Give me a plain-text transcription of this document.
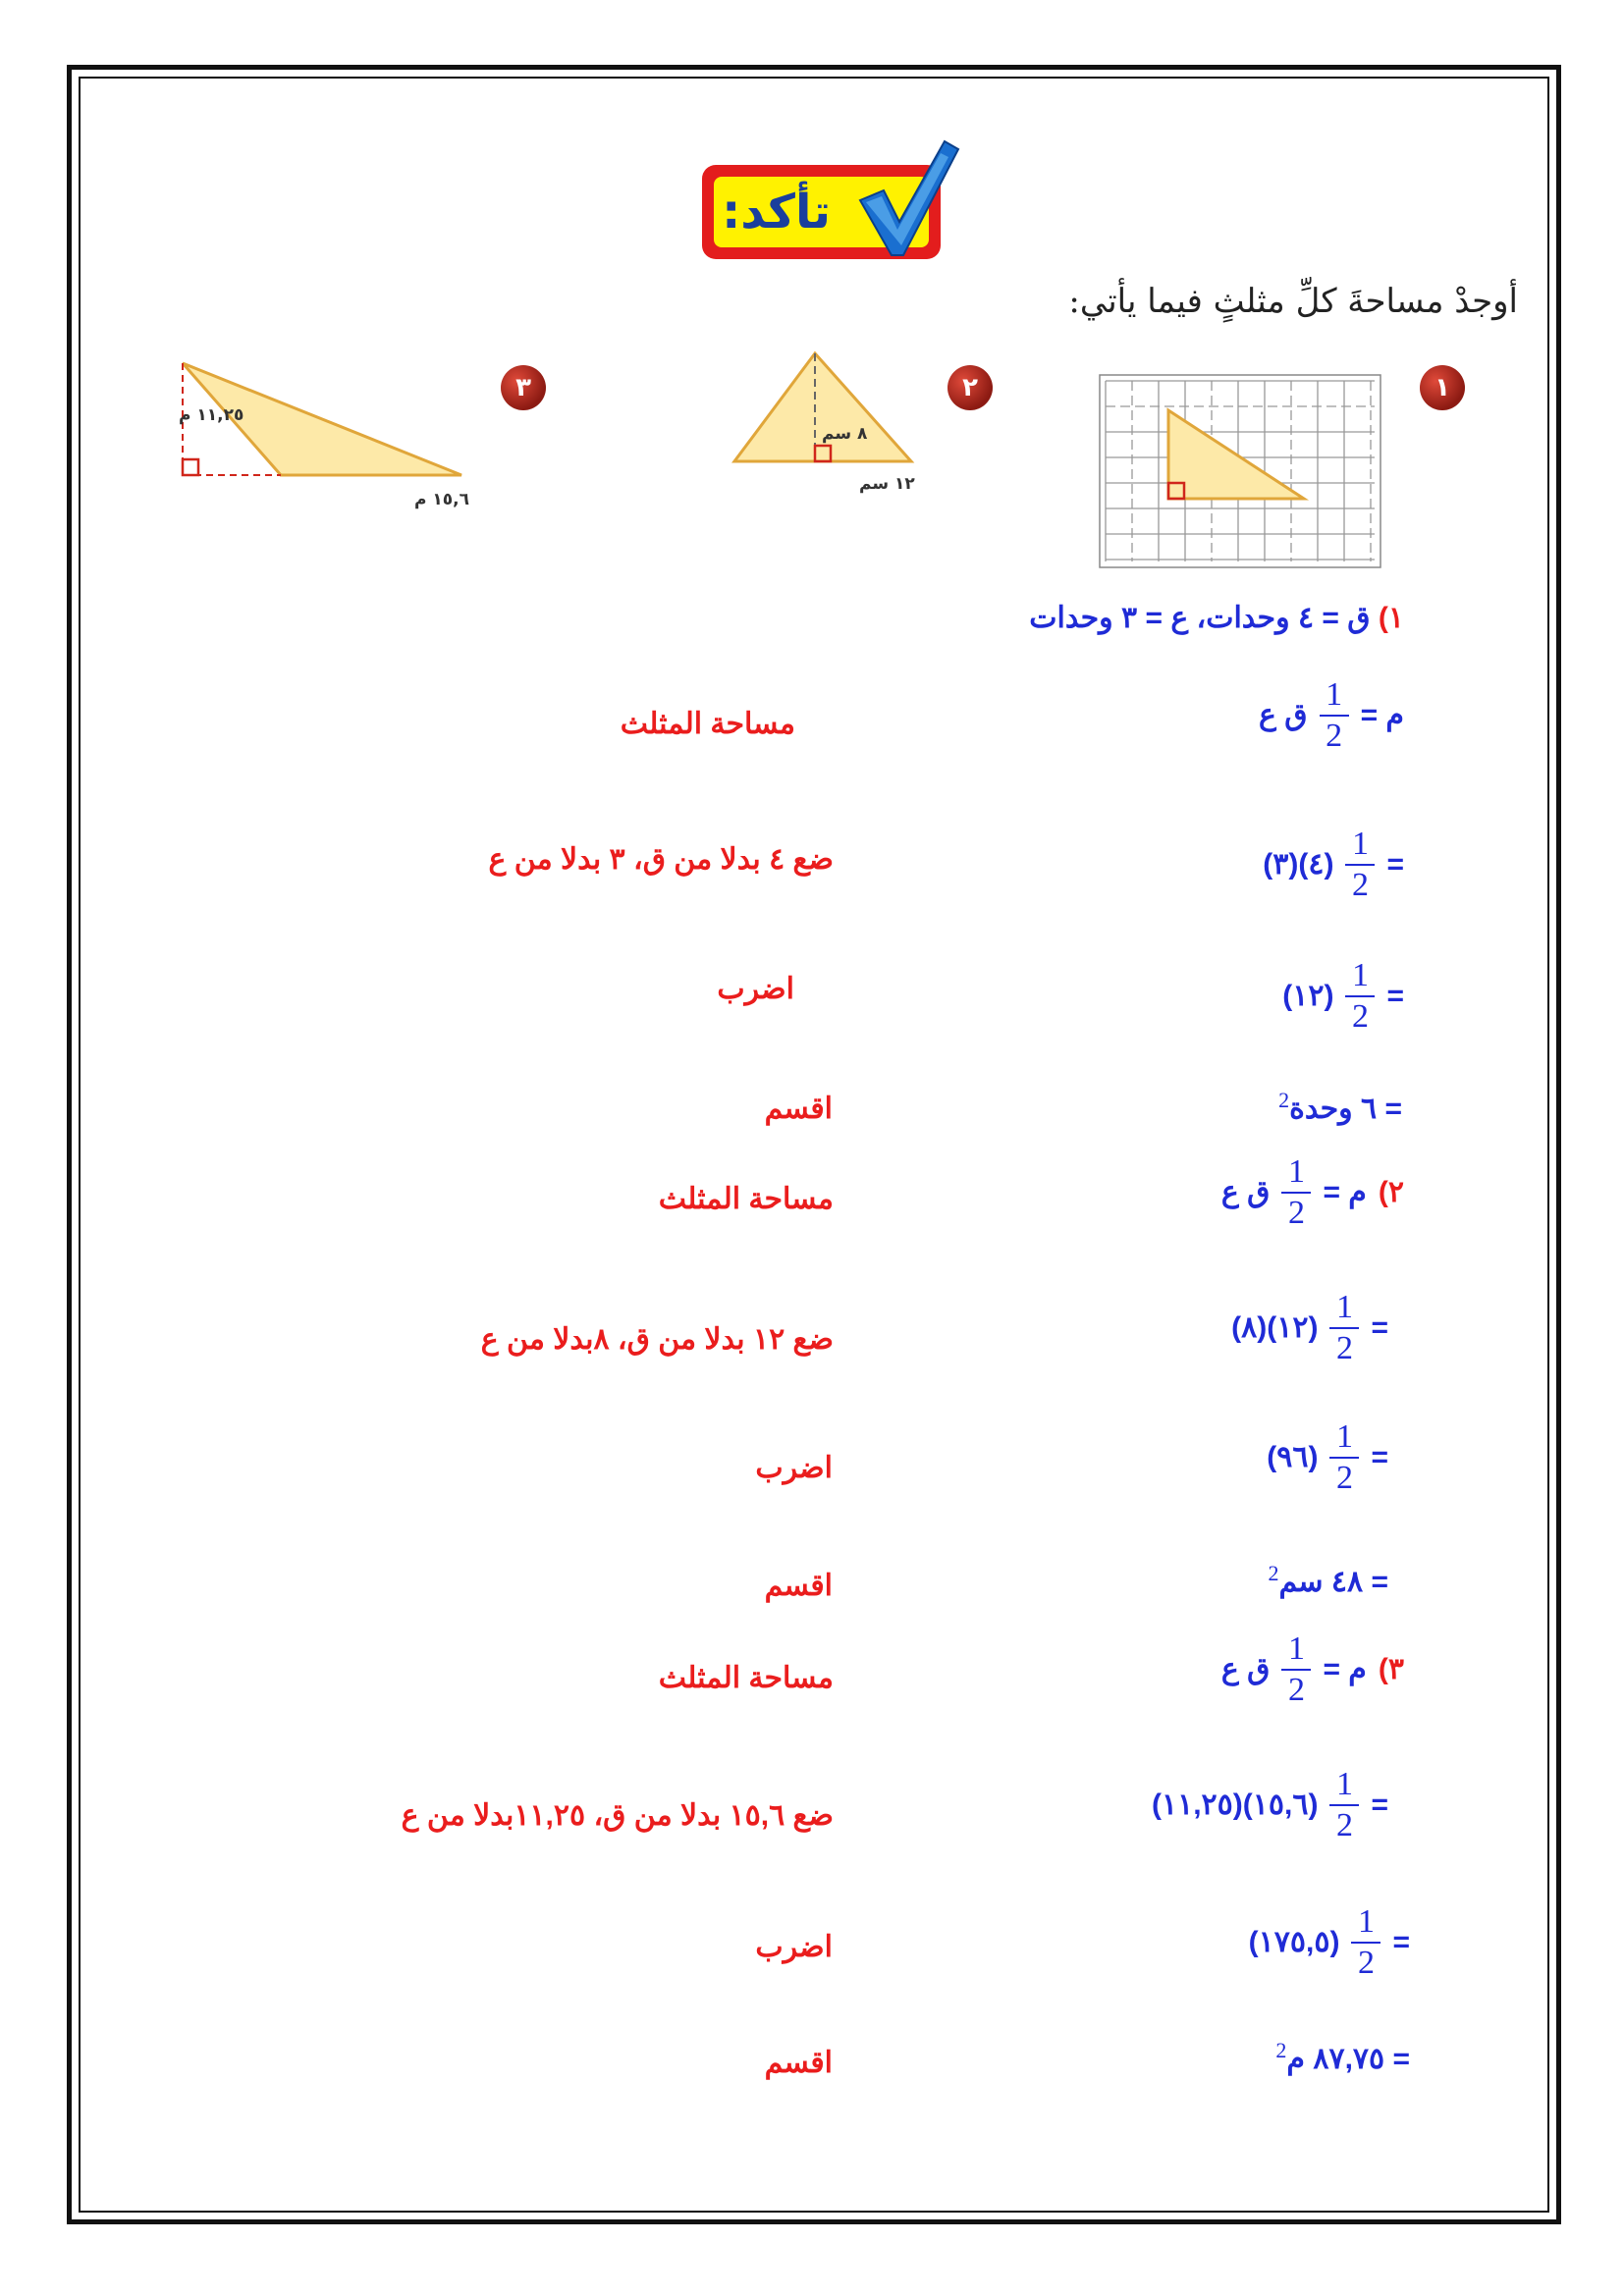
تأكد:
أوجدْ مساحةَ كلِّ مثلثٍ فيما يأتي:
١
٢
٨ سم
١٢ سم
٣
١١,٢٥ م
١٥,٦ م
١) ق = ٤ وحدات، ع = ٣ وحدات
م =
$\frac{1}{2}$
ق ع
مساحة المثلث
=
$\frac{1}{2}$
(٤)(٣)
ضع ٤ بدلا من ق، ٣ بدلا من ع
=
$\frac{1}{2}$
(١٢)
اضرب
= ٦ وحدة$^2$
اقسم
٢)
م =
$\frac{1}{2}$
ق ع
مساحة المثلث
=
$\frac{1}{2}$
(١٢)(٨)
ضع ١٢ بدلا من ق، ٨بدلا من ع
=
$\frac{1}{2}$
(٩٦)
اضرب
= ٤٨ سم$^2$
اقسم
٣)
م =
$\frac{1}{2}$
ق ع
مساحة المثلث
=
$\frac{1}{2}$
(١٥,٦)(١١,٢٥)
ضع ١٥,٦ بدلا من ق، ١١,٢٥بدلا من ع
=
$\frac{1}{2}$
(١٧٥,٥)
اضرب
= ٨٧,٧٥ م$^2$
اقسم
